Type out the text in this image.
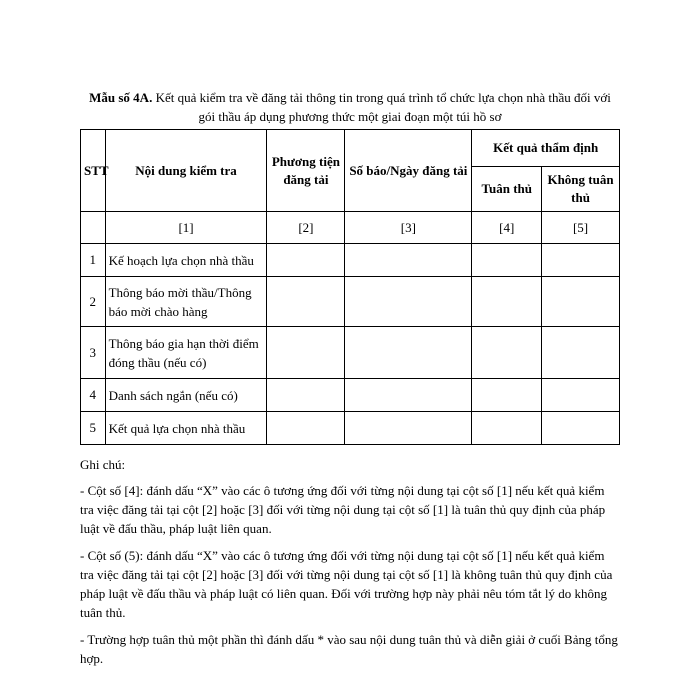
Mẫu số 4A. Kết quả kiểm tra về đăng tải thông tin trong quá trình tổ chức lựa chọn nhà thầu đối với gói thầu áp dụng phương thức một giai đoạn một túi hồ sơ

STT	Nội dung kiểm tra	Phương tiện đăng tải	Số báo/Ngày đăng tải	Kết quả thẩm định	
				Tuân thủ	Không tuân thủ
	[1]	[2]	[3]	[4]	[5]
1	Kế hoạch lựa chọn nhà thầu				
2	Thông báo mời thầu/Thông báo mời chào hàng				
3	Thông báo gia hạn thời điểm đóng thầu (nếu có)				
4	Danh sách ngắn (nếu có)				
5	Kết quả lựa chọn nhà thầu				

Ghi chú:

- Cột số [4]: đánh dấu “X” vào các ô tương ứng đối với từng nội dung tại cột số [1] nếu kết quả kiểm tra việc đăng tải tại cột [2] hoặc [3] đối với từng nội dung tại cột số [1] là tuân thủ quy định của pháp luật về đấu thầu, pháp luật liên quan.

- Cột số (5): đánh dấu “X” vào các ô tương ứng đối với từng nội dung tại cột số [1] nếu kết quả kiểm tra việc đăng tải tại cột [2] hoặc [3] đối với từng nội dung tại cột số [1] là không tuân thủ quy định của pháp luật về đấu thầu và pháp luật có liên quan. Đối với trường hợp này phải nêu tóm tắt lý do không tuân thủ.

- Trường hợp tuân thủ một phần thì đánh dấu * vào sau nội dung tuân thủ và diễn giải ở cuối Bảng tổng hợp.
